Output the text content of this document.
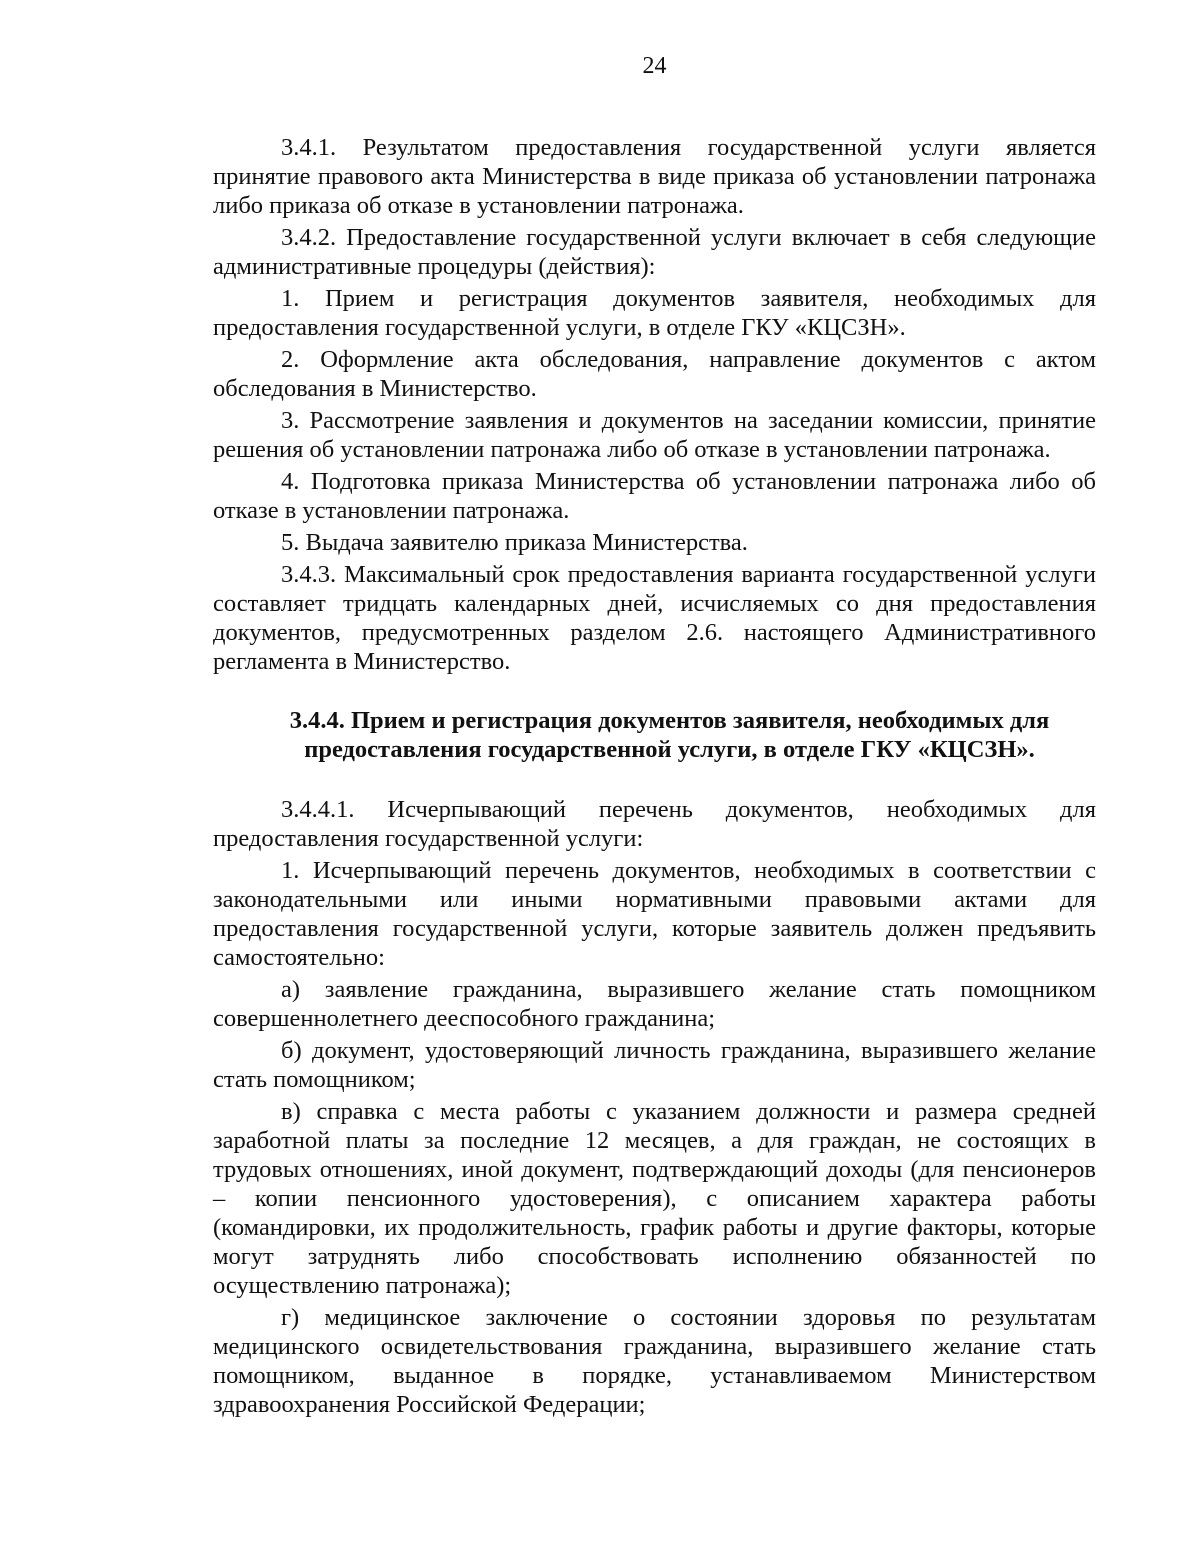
24

3.4.1. Результатом предоставления государственной услуги является принятие правового акта Министерства в виде приказа об установлении патронажа либо приказа об отказе в установлении патронажа.

3.4.2. Предоставление государственной услуги включает в себя следующие административные процедуры (действия):

1. Прием и регистрация документов заявителя, необходимых для предоставления государственной услуги, в отделе ГКУ «КЦСЗН».

2. Оформление акта обследования, направление документов с актом обследования в Министерство.

3. Рассмотрение заявления и документов на заседании комиссии, принятие решения об установлении патронажа либо об отказе в установлении патронажа.

4. Подготовка приказа Министерства об установлении патронажа либо об отказе в установлении патронажа.

5. Выдача заявителю приказа Министерства.

3.4.3. Максимальный срок предоставления варианта государственной услуги составляет тридцать календарных дней, исчисляемых со дня предоставления документов, предусмотренных разделом 2.6. настоящего Административного регламента в Министерство.

3.4.4. Прием и регистрация документов заявителя, необходимых для предоставления государственной услуги, в отделе ГКУ «КЦСЗН».

3.4.4.1. Исчерпывающий перечень документов, необходимых для предоставления государственной услуги:

1. Исчерпывающий перечень документов, необходимых в соответствии с законодательными или иными нормативными правовыми актами для предоставления государственной услуги, которые заявитель должен предъявить самостоятельно:

а) заявление гражданина, выразившего желание стать помощником совершеннолетнего дееспособного гражданина;

б) документ, удостоверяющий личность гражданина, выразившего желание стать помощником;

в) справка с места работы с указанием должности и размера средней заработной платы за последние 12 месяцев, а для граждан, не состоящих в трудовых отношениях, иной документ, подтверждающий доходы (для пенсионеров – копии пенсионного удостоверения), с описанием характера работы (командировки, их продолжительность, график работы и другие факторы, которые могут затруднять либо способствовать исполнению обязанностей по осуществлению патронажа);

г) медицинское заключение о состоянии здоровья по результатам медицинского освидетельствования гражданина, выразившего желание стать помощником, выданное в порядке, устанавливаемом Министерством здравоохранения Российской Федерации;
